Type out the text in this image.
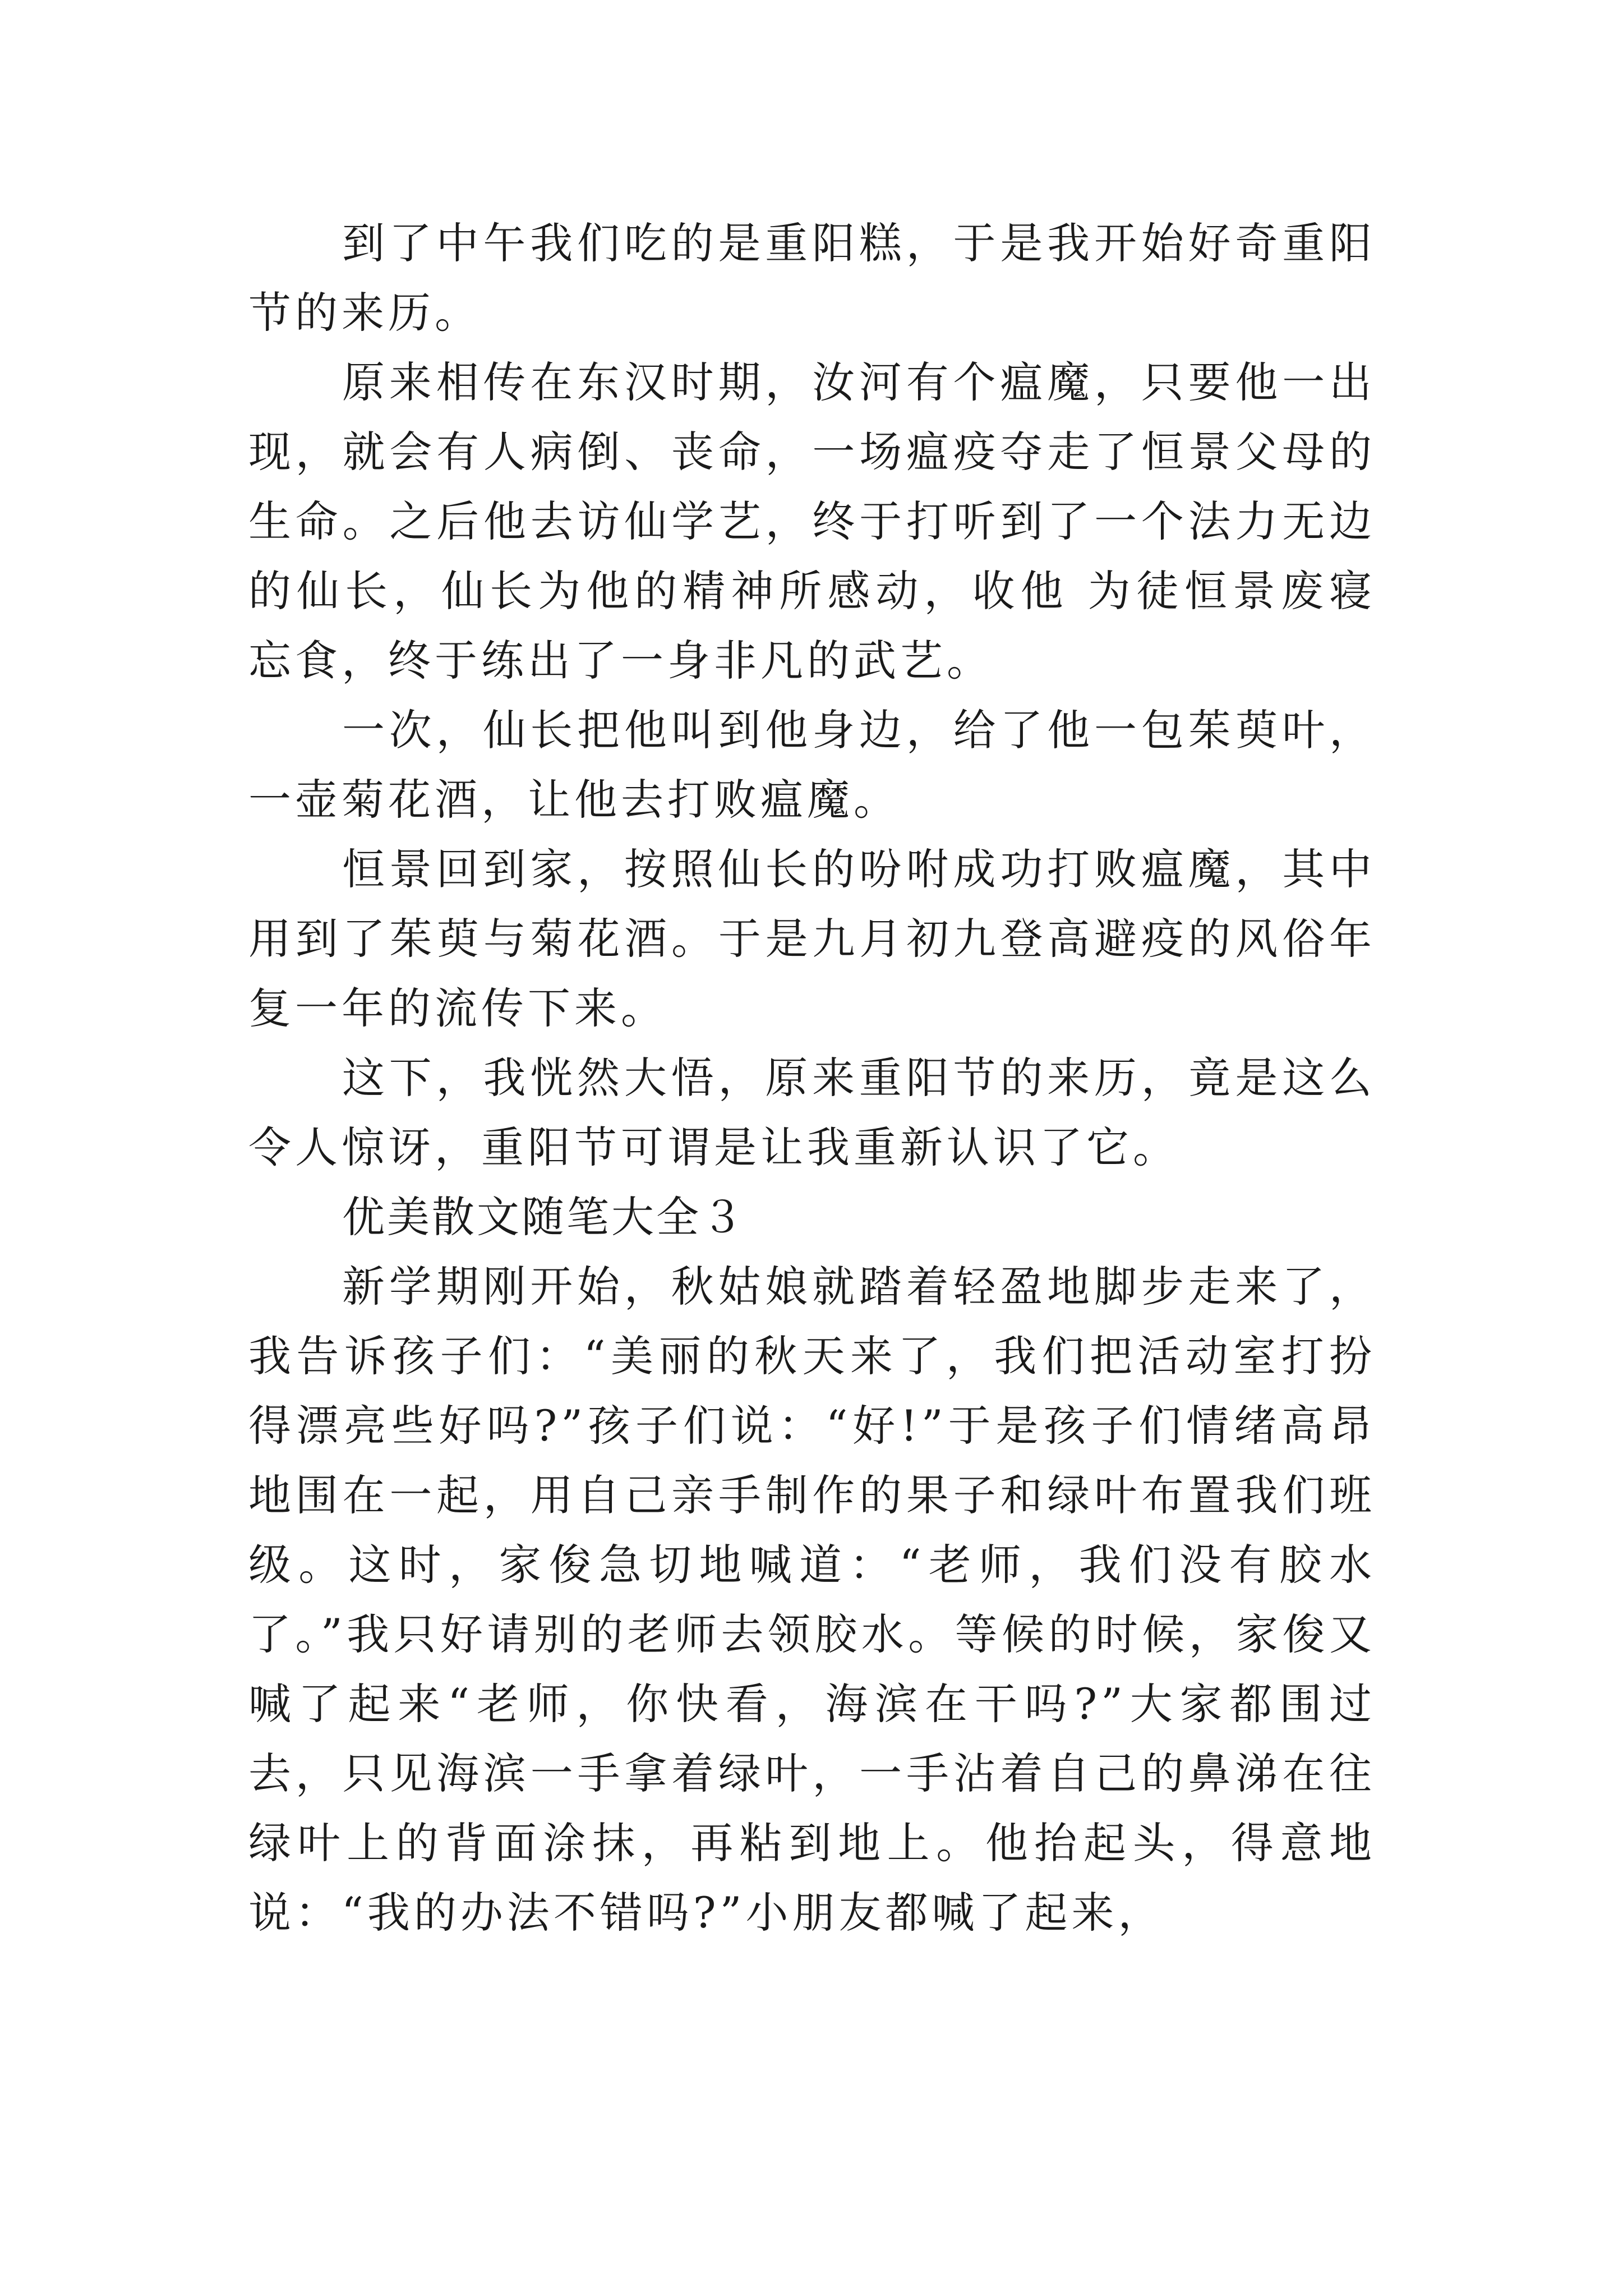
到了中午我们吃的是重阳糕，于是我开始好奇重阳节的来历。

原来相传在东汉时期，汝河有个瘟魔，只要他一出现，就会有人病倒、丧命，一场瘟疫夺走了恒景父母的生命。之后他去访仙学艺，终于打听到了一个法力无边的仙长，仙长为他的精神所感动，收他 为徒恒景废寝忘食，终于练出了一身非凡的武艺。

一次，仙长把他叫到他身边，给了他一包茱萸叶，一壶菊花酒，让他去打败瘟魔。

恒景回到家，按照仙长的吩咐成功打败瘟魔，其中用到了茱萸与菊花酒。于是九月初九登高避疫的风俗年复一年的流传下来。

这下，我恍然大悟，原来重阳节的来历，竟是这么令人惊讶，重阳节可谓是让我重新认识了它。

优美散文随笔大全３

新学期刚开始，秋姑娘就踏着轻盈地脚步走来了，我告诉孩子们：“美丽的秋天来了，我们把活动室打扮得漂亮些好吗?”孩子们说：“好!”于是孩子们情绪高昂地围在一起，用自己亲手制作的果子和绿叶布置我们班级。这时，家俊急切地喊道：“老师，我们没有胶水了。”我只好请别的老师去领胶水。等候的时候，家俊又喊了起来“老师，你快看，海滨在干吗?”大家都围过去，只见海滨一手拿着绿叶，一手沾着自己的鼻涕在往绿叶上的背面涂抹，再粘到地上。他抬起头，得意地说：“我的办法不错吗?”小朋友都喊了起来，
